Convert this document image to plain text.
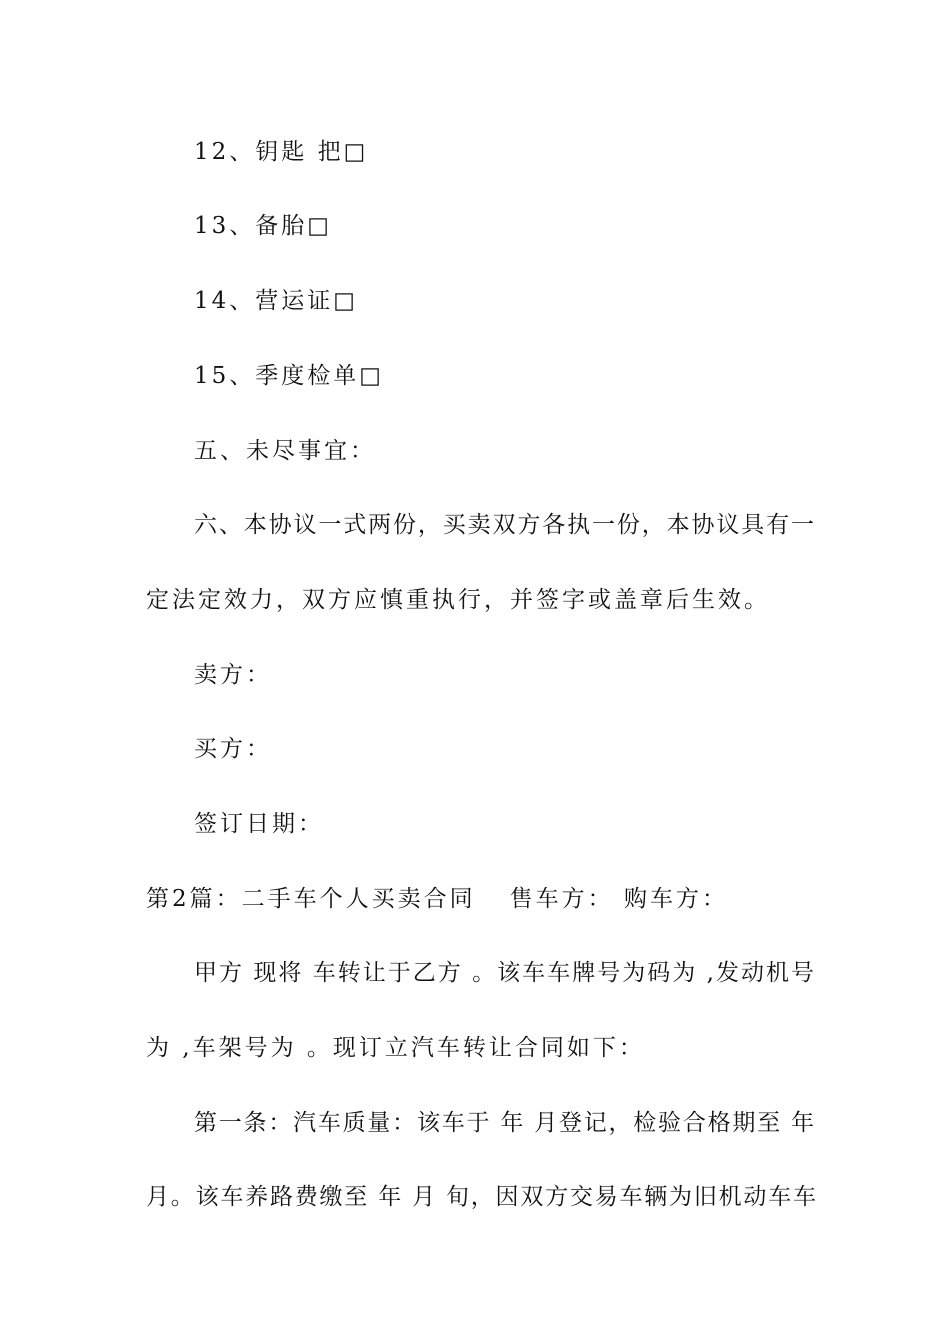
12、钥匙 把□
13、备胎□
14、营运证□
15、季度检单□
五、未尽事宜：
六、本协议一式两份，买卖双方各执一份，本协议具有一
定法定效力，双方应慎重执行，并签字或盖章后生效。
卖方：
买方：
签订日期：
第2篇：二手车个人买卖合同 售车方： 购车方：
甲方 现将 车转让于乙方 。该车车牌号为码为 ,发动机号
为 ,车架号为 。现订立汽车转让合同如下：
第一条：汽车质量：该车于 年 月登记，检验合格期至 年
月。该车养路费缴至 年 月 旬，因双方交易车辆为旧机动车车
